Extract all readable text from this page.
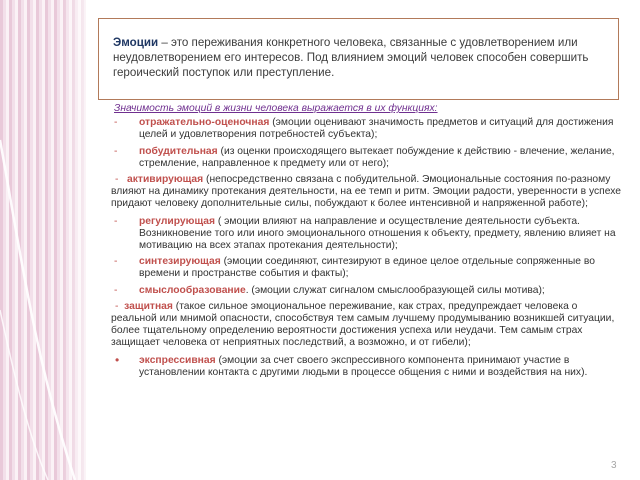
Эмоции – это переживания конкретного человека, связанные с удовлетворением или неудовлетворением его интересов. Под влиянием эмоций человек способен совершить героический поступок или преступление.
Значимость эмоций в жизни человека выражается в их функциях:
- отражательно-оценочная (эмоции оценивают значимость предметов и ситуаций для достижения целей и удовлетворения потребностей субъекта);
- побудительная (из оценки происходящего вытекает побуждение к действию - влечение, желание, стремление, направленное к предмету или от него);
- активирующая (непосредственно связана с побудительной. Эмоциональные состояния по-разному влияют на динамику протекания деятельности, на ее темп и ритм. Эмоции радости, уверенности в успехе придают человеку дополнительные силы, побуждают к более интенсивной и напряженной работе);
- регулирующая ( эмоции влияют на направление и осуществление деятельности субъекта. Возникновение того или иного эмоционального отношения к объекту, предмету, явлению влияет на мотивацию на всех этапах протекания деятельности);
- синтезирующая (эмоции соединяют, синтезируют в единое целое отдельные сопряженные во времени и пространстве события и факты);
- смыслообразование. (эмоции служат сигналом смыслообразующей силы мотива);
- защитная (такое сильное эмоциональное переживание, как страх, предупреждает человека о реальной или мнимой опасности, способствуя тем самым лучшему продумыванию возникшей ситуации, более тщательному определению вероятности достижения успеха или неудачи. Тем самым страх защищает человека от неприятных последствий, а возможно, и от гибели);
• экспрессивная (эмоции за счет своего экспрессивного компонента принимают участие в установлении контакта с другими людьми в процессе общения с ними и воздействия на них).
3
